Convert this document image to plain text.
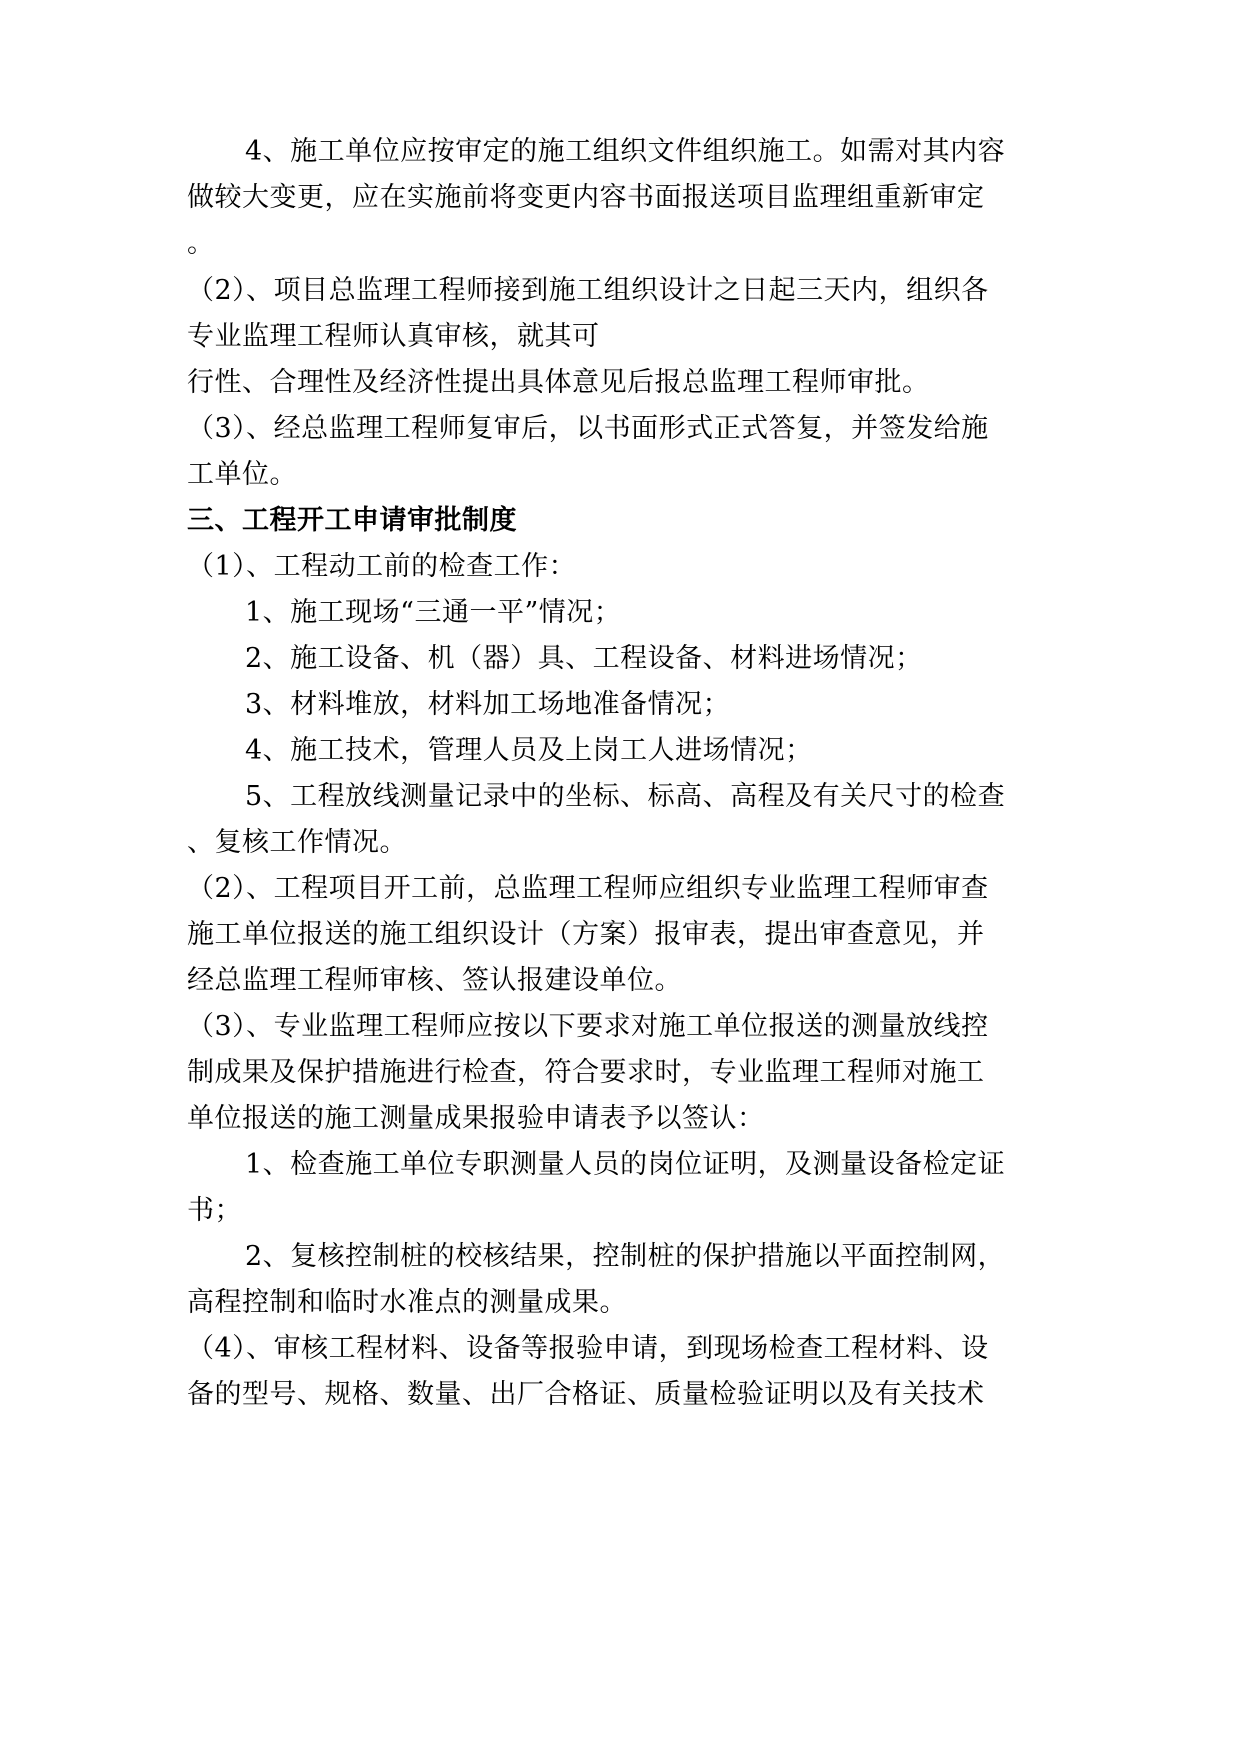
4、施工单位应按审定的施工组织文件组织施工。如需对其内容
做较大变更，应在实施前将变更内容书面报送项目监理组重新审定
。
（2）、项目总监理工程师接到施工组织设计之日起三天内，组织各
专业监理工程师认真审核，就其可
行性、合理性及经济性提出具体意见后报总监理工程师审批。
（3）、经总监理工程师复审后，以书面形式正式答复，并签发给施
工单位。
三、工程开工申请审批制度
（1）、工程动工前的检查工作：
1、施工现场“三通一平”情况；
2、施工设备、机（器）具、工程设备、材料进场情况；
3、材料堆放，材料加工场地准备情况；
4、施工技术，管理人员及上岗工人进场情况；
5、工程放线测量记录中的坐标、标高、高程及有关尺寸的检查
、复核工作情况。
（2）、工程项目开工前，总监理工程师应组织专业监理工程师审查
施工单位报送的施工组织设计（方案）报审表，提出审查意见，并
经总监理工程师审核、签认报建设单位。
（3）、专业监理工程师应按以下要求对施工单位报送的测量放线控
制成果及保护措施进行检查，符合要求时，专业监理工程师对施工
单位报送的施工测量成果报验申请表予以签认：
1、检查施工单位专职测量人员的岗位证明，及测量设备检定证
书；
2、复核控制桩的校核结果，控制桩的保护措施以平面控制网，
高程控制和临时水准点的测量成果。
（4）、审核工程材料、设备等报验申请，到现场检查工程材料、设
备的型号、规格、数量、出厂合格证、质量检验证明以及有关技术
